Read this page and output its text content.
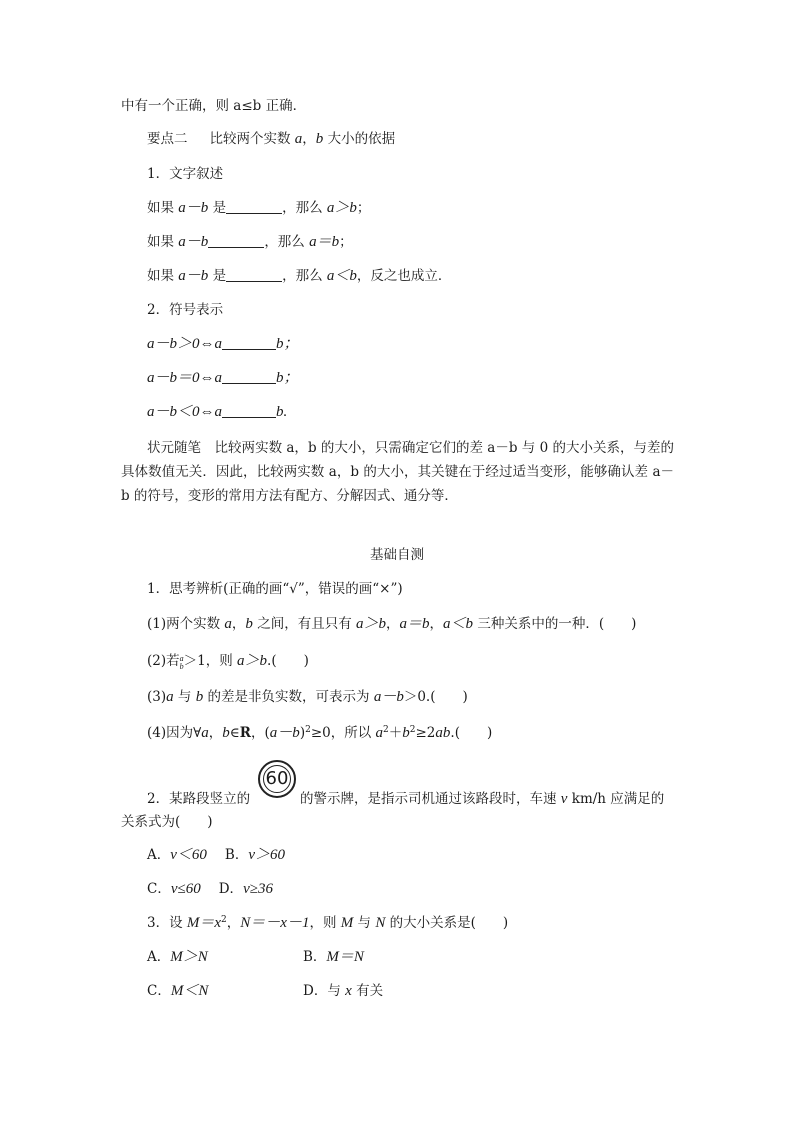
中有一个正确，则 a≤b 正确．
要点二 比较两个实数 a，b 大小的依据
1．文字叙述
如果 a－b 是	，那么 a＞b；
如果 a－b	，那么 a＝b；
如果 a－b 是	，那么 a＜b，反之也成立．
2．符号表示
a－b＞0⇔a	b；
a－b＝0⇔a	b；
a－b＜0⇔a	b.
状元随笔　 比较两实数 a，b 的大小，只需确定它们的差 a－b 与 0 的大小关系，与差的具体数值无关．因此，比较两实数 a，b 的大小，其关键在于经过适当变形，能够确认差 a－b 的符号，变形的常用方法有配方、分解因式、通分等．
基础自测
1．思考辨析(正确的画“√”，错误的画“×”)
(1)两个实数 a，b 之间，有且只有 a＞b，a＝b，a＜b 三种关系中的一种．(　　)
(2)若 a
b ＞1，则 a＞b.(　　)
(3)a 与 b 的差是非负实数，可表示为 a－b＞0.(　　)
(4)因为∀a，b∈R，$(a-b)^2\ge 0$，所以 $a^2+b^2\ge 2ab$.(　　)
2．某路段竖立的
60
的警示牌，是指示司机通过该路段时，车速 v km/h 应满足的
关系式为(　　)
A．v＜60 B．v＞60
C．v≤60 D．v≥36
3．设 $M=x^2$，N＝－x－1，则 M 与 N 的大小关系是(　　)
A．M＞N	B．M＝N
C．M＜N	D．与 x 有关
